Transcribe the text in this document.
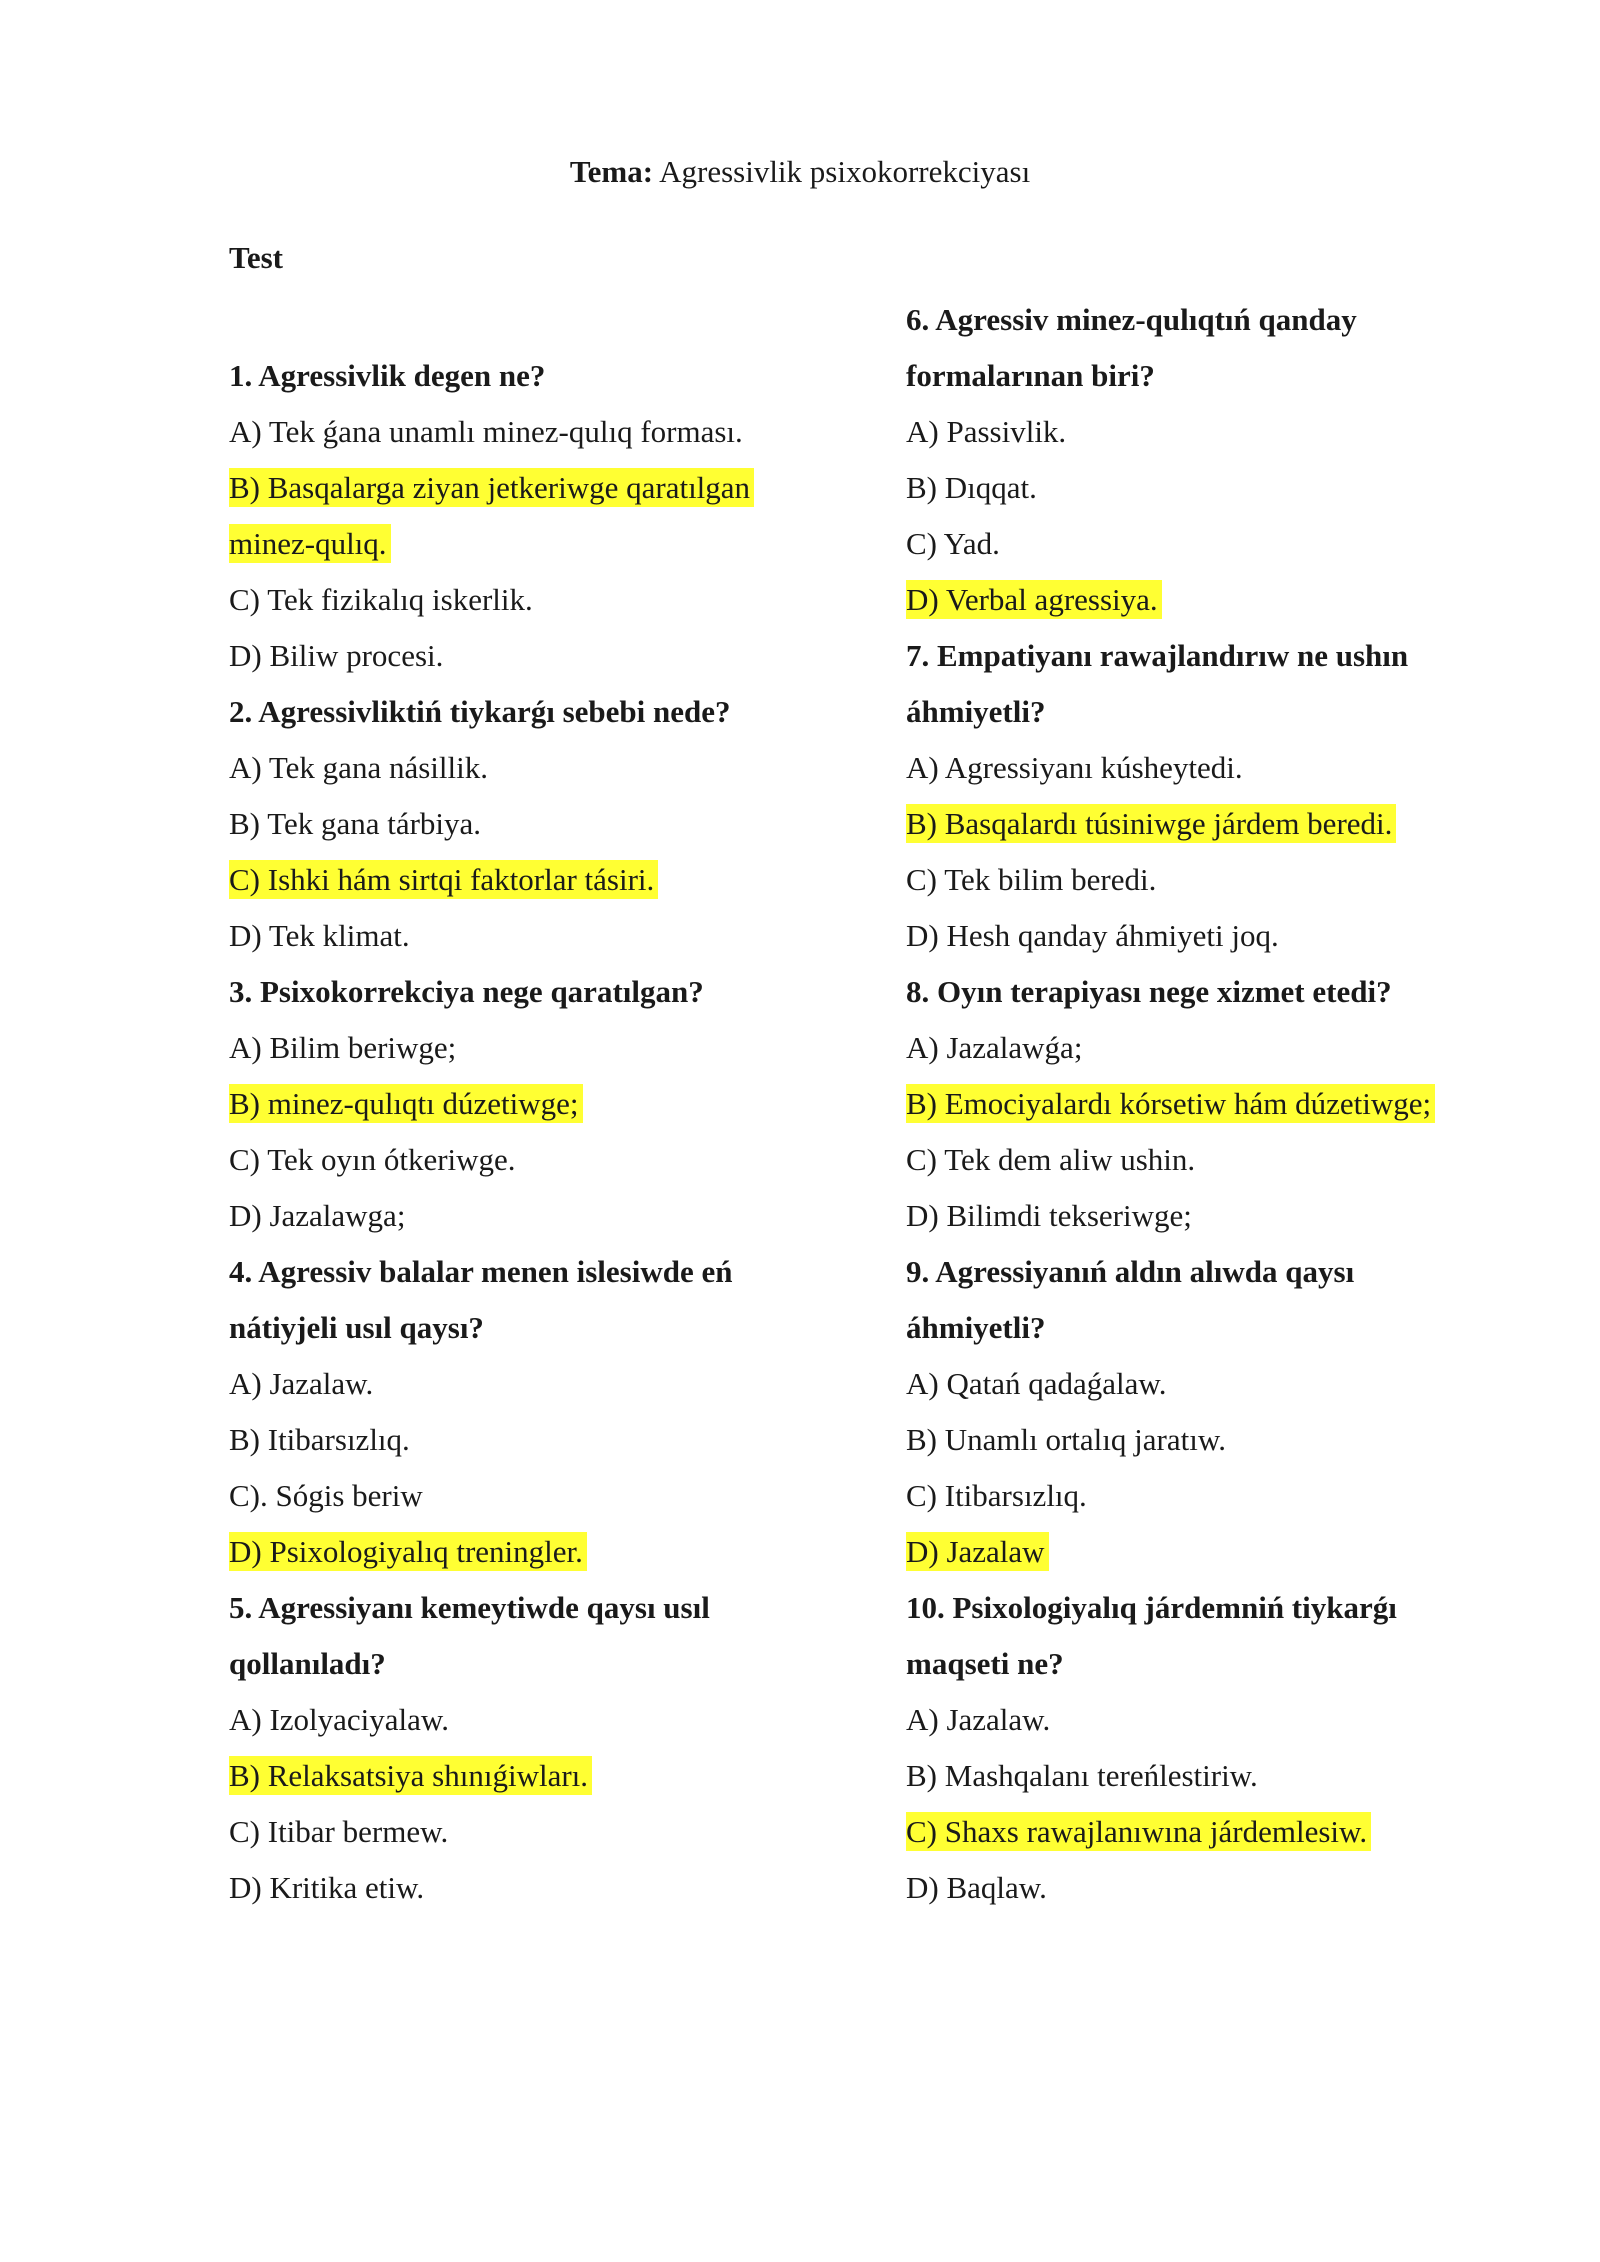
Tema: Agressivlik psixokorrekciyası
Test
1. Agressivlik degen ne?
A) Tek ǵana unamlı minez-qulıq forması.
B) Basqalarga ziyan jetkeriwge qaratılgan
minez-qulıq.
C) Tek fizikalıq iskerlik.
D) Biliw procesi.
2. Agressivliktiń tiykarǵı sebebi nede?
A) Tek gana násillik.
B) Tek gana tárbiya.
C) Ishki hám sirtqi faktorlar tásiri.
D) Tek klimat.
3. Psixokorrekciya nege qaratılgan?
A) Bilim beriwge;
B) minez-qulıqtı dúzetiwge;
C) Tek oyın ótkeriwge.
D) Jazalawga;
4. Agressiv balalar menen islesiwde eń
nátiyjeli usıl qaysı?
A) Jazalaw.
B) Itibarsızlıq.
C). Sógis beriw
D) Psixologiyalıq treningler.
5. Agressiyanı kemeytiwde qaysı usıl
qollanıladı?
A) Izolyaciyalaw.
B) Relaksatsiya shınıǵiwları.
C) Itibar bermew.
D) Kritika etiw.
6. Agressiv minez-qulıqtıń qanday
formalarınan biri?
A) Passivlik.
B) Dıqqat.
C) Yad.
D) Verbal agressiya.
7. Empatiyanı rawajlandırıw ne ushın
áhmiyetli?
A) Agressiyanı kúsheytedi.
B) Basqalardı túsiniwge járdem beredi.
C) Tek bilim beredi.
D) Hesh qanday áhmiyeti joq.
8. Oyın terapiyası nege xizmet etedi?
A) Jazalawǵa;
B) Emociyalardı kórsetiw hám dúzetiwge;
C) Tek dem aliw ushin.
D) Bilimdi tekseriwge;
9. Agressiyanıń aldın alıwda qaysı
áhmiyetli?
A) Qatań qadaǵalaw.
B) Unamlı ortalıq jaratıw.
C) Itibarsızlıq.
D) Jazalaw
10. Psixologiyalıq járdemniń tiykarǵı
maqseti ne?
A) Jazalaw.
B) Mashqalanı tereńlestiriw.
C) Shaxs rawajlanıwına járdemlesiw.
D) Baqlaw.
